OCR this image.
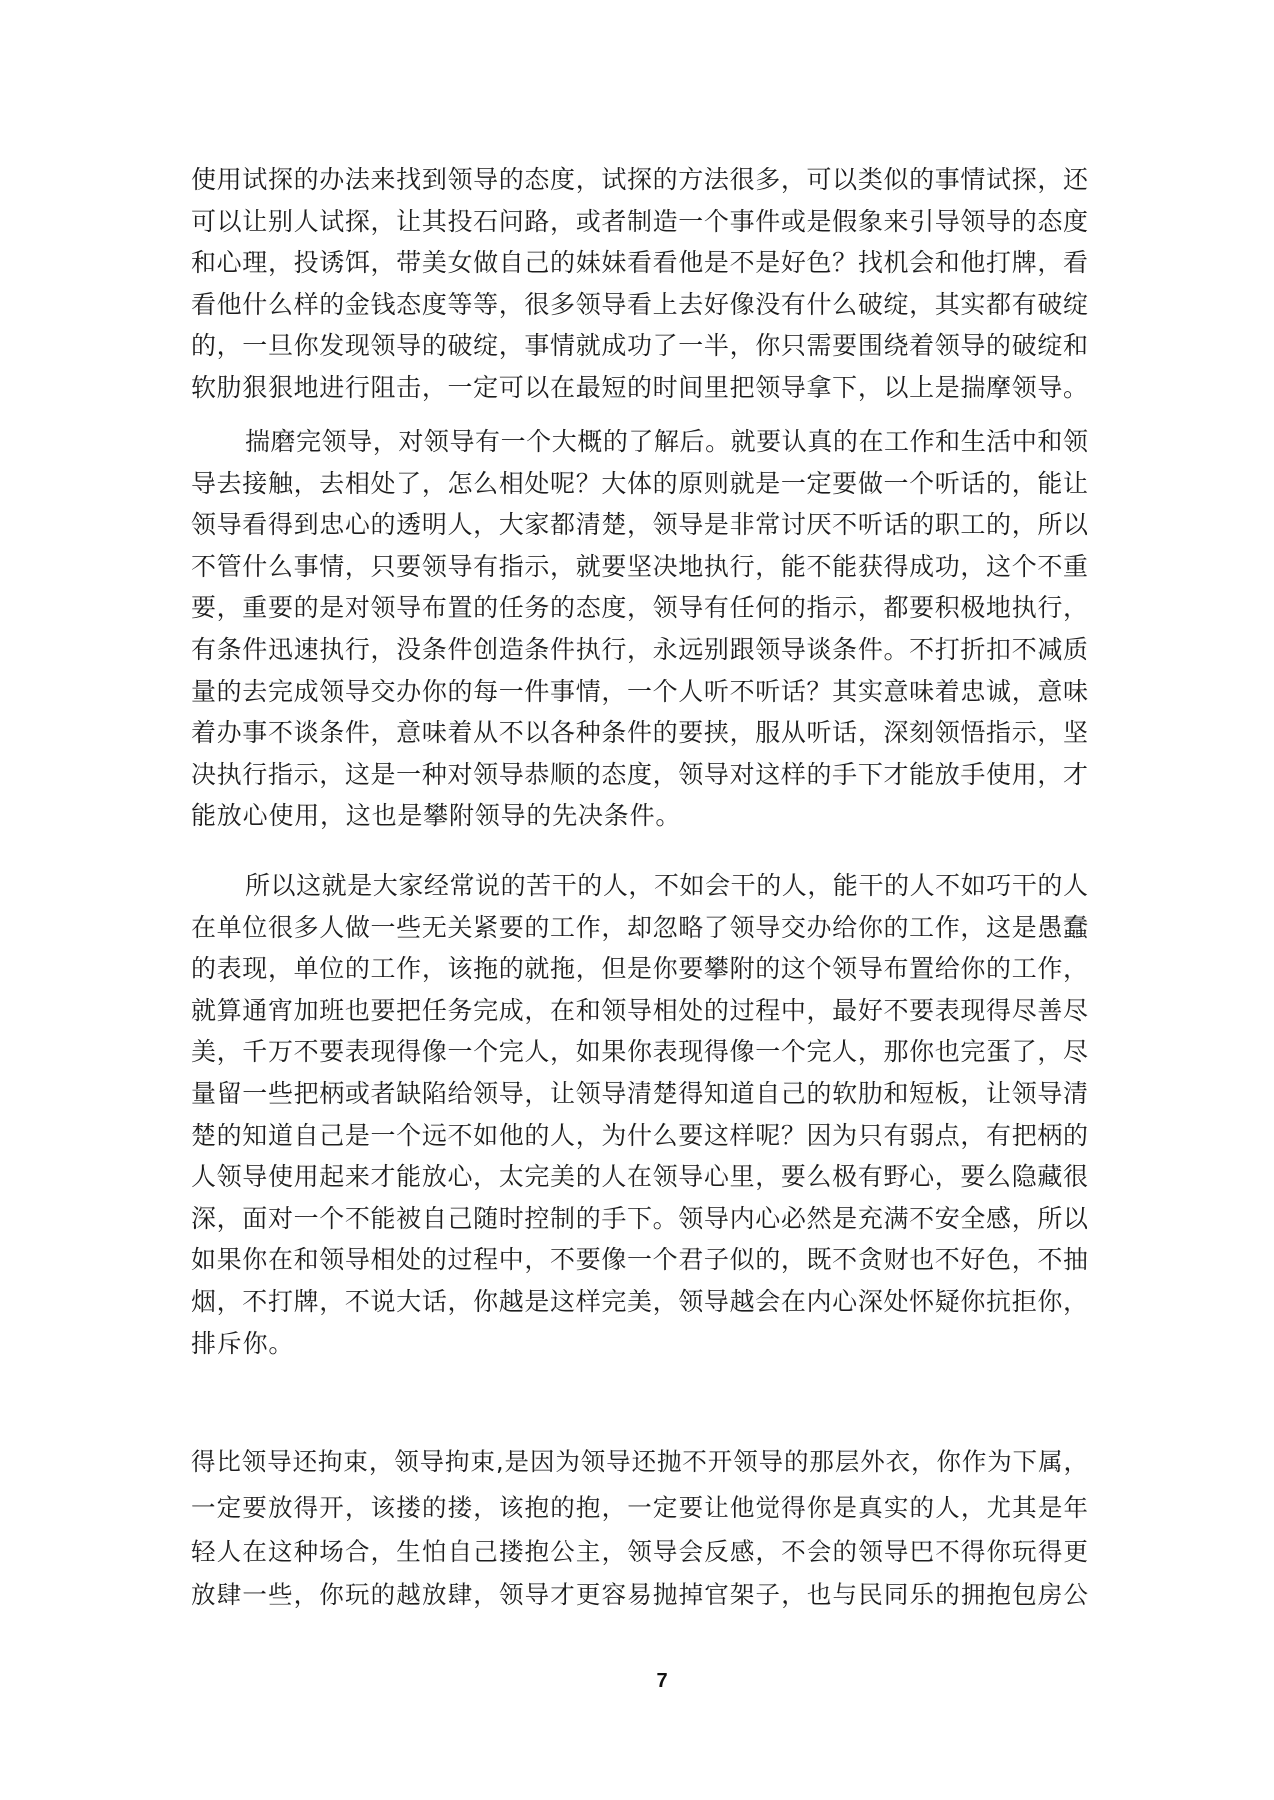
使用试探的办法来找到领导的态度，试探的方法很多，可以类似的事情试探，还
可以让别人试探，让其投石问路，或者制造一个事件或是假象来引导领导的态度
和心理，投诱饵，带美女做自己的妹妹看看他是不是好色？找机会和他打牌，看
看他什么样的金钱态度等等，很多领导看上去好像没有什么破绽，其实都有破绽
的，一旦你发现领导的破绽，事情就成功了一半，你只需要围绕着领导的破绽和
软肋狠狠地进行阻击，一定可以在最短的时间里把领导拿下，以上是揣摩领导。
揣磨完领导，对领导有一个大概的了解后。就要认真的在工作和生活中和领
导去接触，去相处了，怎么相处呢？大体的原则就是一定要做一个听话的，能让
领导看得到忠心的透明人，大家都清楚，领导是非常讨厌不听话的职工的，所以
不管什么事情，只要领导有指示，就要坚决地执行，能不能获得成功，这个不重
要，重要的是对领导布置的任务的态度，领导有任何的指示，都要积极地执行，
有条件迅速执行，没条件创造条件执行，永远别跟领导谈条件。不打折扣不减质
量的去完成领导交办你的每一件事情，一个人听不听话？其实意味着忠诚，意味
着办事不谈条件，意味着从不以各种条件的要挟，服从听话，深刻领悟指示，坚
决执行指示，这是一种对领导恭顺的态度，领导对这样的手下才能放手使用，才
能放心使用，这也是攀附领导的先决条件。
所以这就是大家经常说的苦干的人，不如会干的人，能干的人不如巧干的人
在单位很多人做一些无关紧要的工作，却忽略了领导交办给你的工作，这是愚蠢
的表现，单位的工作，该拖的就拖，但是你要攀附的这个领导布置给你的工作，
就算通宵加班也要把任务完成，在和领导相处的过程中，最好不要表现得尽善尽
美，千万不要表现得像一个完人，如果你表现得像一个完人，那你也完蛋了，尽
量留一些把柄或者缺陷给领导，让领导清楚得知道自己的软肋和短板，让领导清
楚的知道自己是一个远不如他的人，为什么要这样呢？因为只有弱点，有把柄的
人领导使用起来才能放心，太完美的人在领导心里，要么极有野心，要么隐藏很
深，面对一个不能被自己随时控制的手下。领导内心必然是充满不安全感，所以
如果你在和领导相处的过程中，不要像一个君子似的，既不贪财也不好色，不抽
烟，不打牌，不说大话，你越是这样完美，领导越会在内心深处怀疑你抗拒你，
排斥你。
得比领导还拘束，领导拘束,是因为领导还抛不开领导的那层外衣，你作为下属，
一定要放得开，该搂的搂，该抱的抱，一定要让他觉得你是真实的人，尤其是年
轻人在这种场合，生怕自己搂抱公主，领导会反感，不会的领导巴不得你玩得更
放肆一些，你玩的越放肆，领导才更容易抛掉官架子，也与民同乐的拥抱包房公
7
